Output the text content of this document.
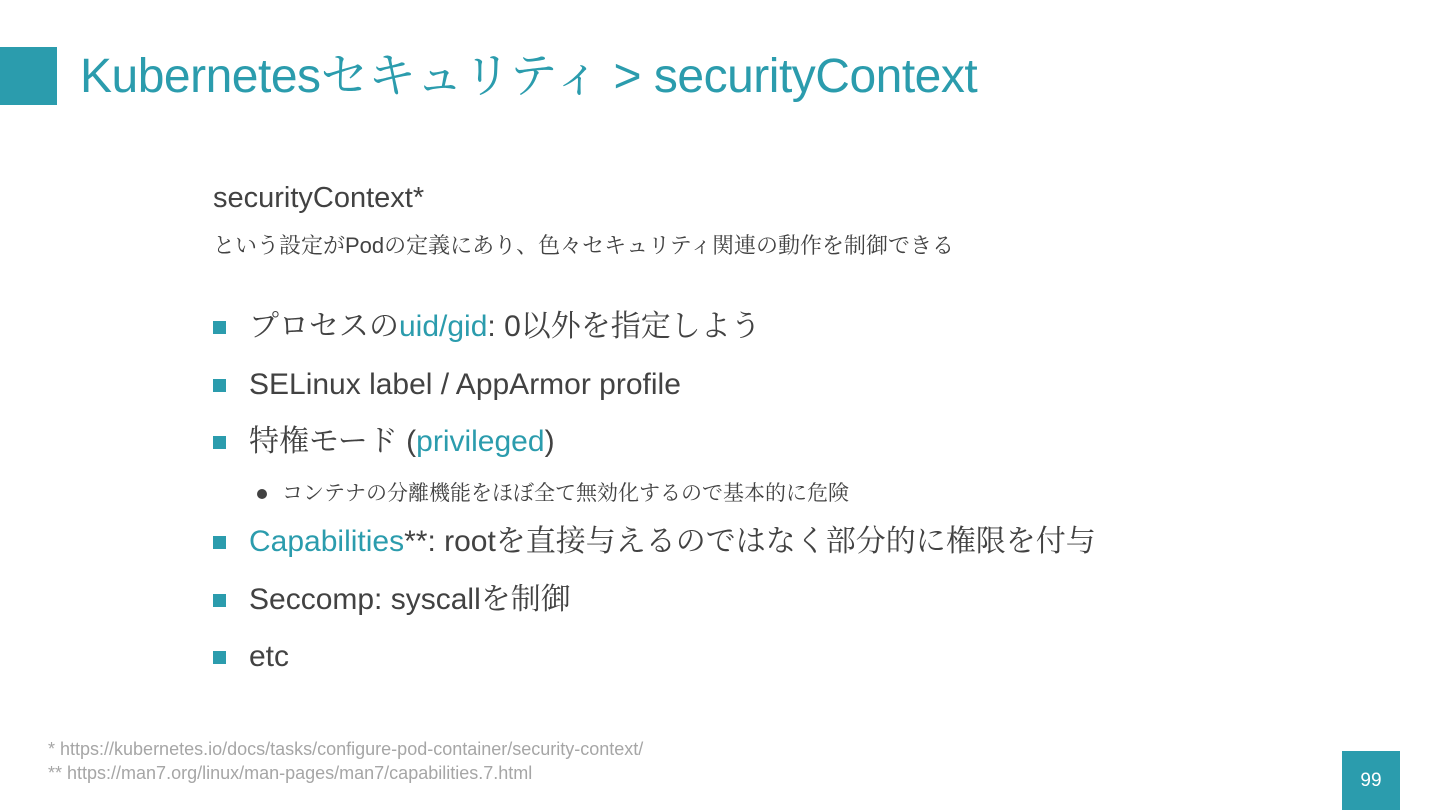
Kubernetesセキュリティ > securityContext
securityContext*
という設定がPodの定義にあり、色々セキュリティ関連の動作を制御できる
プロセスのuid/gid: 0以外を指定しよう
SELinux label / AppArmor profile
特権モード (privileged)
コンテナの分離機能をほぼ全て無効化するので基本的に危険
Capabilities**: rootを直接与えるのではなく部分的に権限を付与
Seccomp: syscallを制御
etc
* https://kubernetes.io/docs/tasks/configure-pod-container/security-context/
** https://man7.org/linux/man-pages/man7/capabilities.7.html	99
